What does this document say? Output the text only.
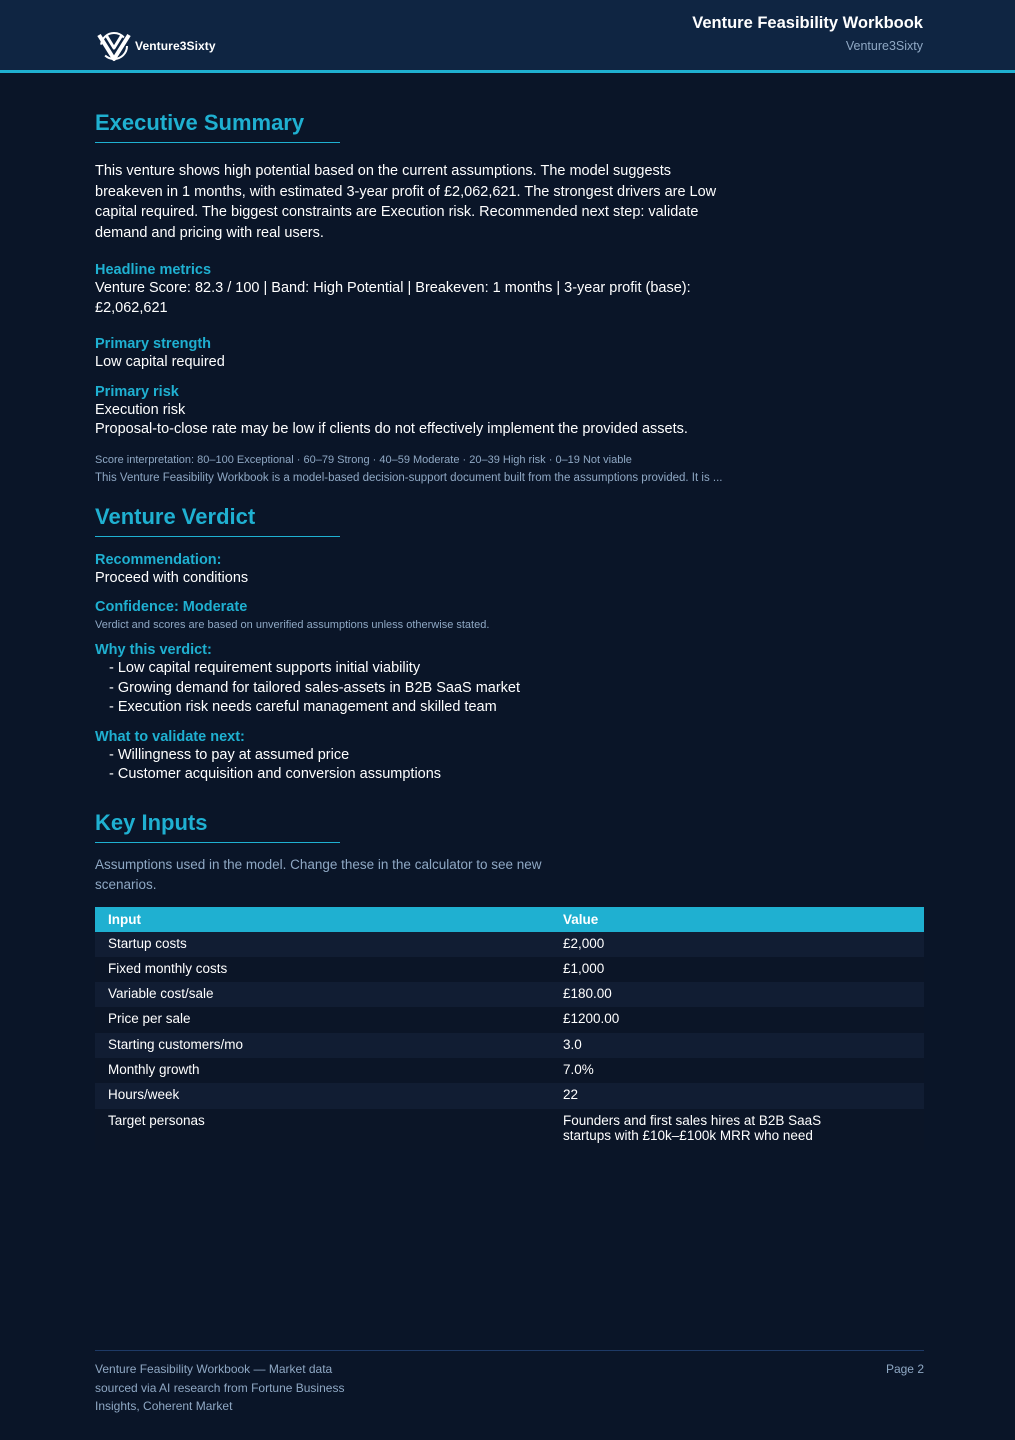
Venture3Sixty
Venture Feasibility Workbook
Venture3Sixty
Executive Summary

This venture shows high potential based on the current assumptions. The model suggests breakeven in 1 months, with estimated 3-year profit of £2,062,621. The strongest drivers are Low capital required. The biggest constraints are Execution risk. Recommended next step: validate demand and pricing with real users.

Headline metrics

Venture Score: 82.3 / 100 | Band: High Potential | Breakeven: 1 months | 3-year profit (base): £2,062,621

Primary strength

Low capital required

Primary risk

Execution risk

Proposal-to-close rate may be low if clients do not effectively implement the provided assets.

Score interpretation: 80–100 Exceptional · 60–79 Strong · 40–59 Moderate · 20–39 High risk · 0–19 Not viable
This Venture Feasibility Workbook is a model-based decision-support document built from the assumptions provided. It is ...
Venture Verdict
Recommendation:

Proceed with conditions

Confidence: Moderate
Verdict and scores are based on unverified assumptions unless otherwise stated.
Why this verdict:
- Low capital requirement supports initial viability
- Growing demand for tailored sales-assets in B2B SaaS market
- Execution risk needs careful management and skilled team
What to validate next:
- Willingness to pay at assumed price
- Customer acquisition and conversion assumptions
Key Inputs

Assumptions used in the model. Change these in the calculator to see new scenarios.

Input	Value
Startup costs	£2,000
Fixed monthly costs	£1,000
Variable cost/sale	£180.00
Price per sale	£1200.00
Starting customers/mo	3.0
Monthly growth	7.0%
Hours/week	22
Target personas	Founders and first sales hires at B2B SaaS startups with £10k–£100k MRR who need
Venture Feasibility Workbook — Market data sourced via AI research from Fortune Business Insights, Coherent Market
Page 2
